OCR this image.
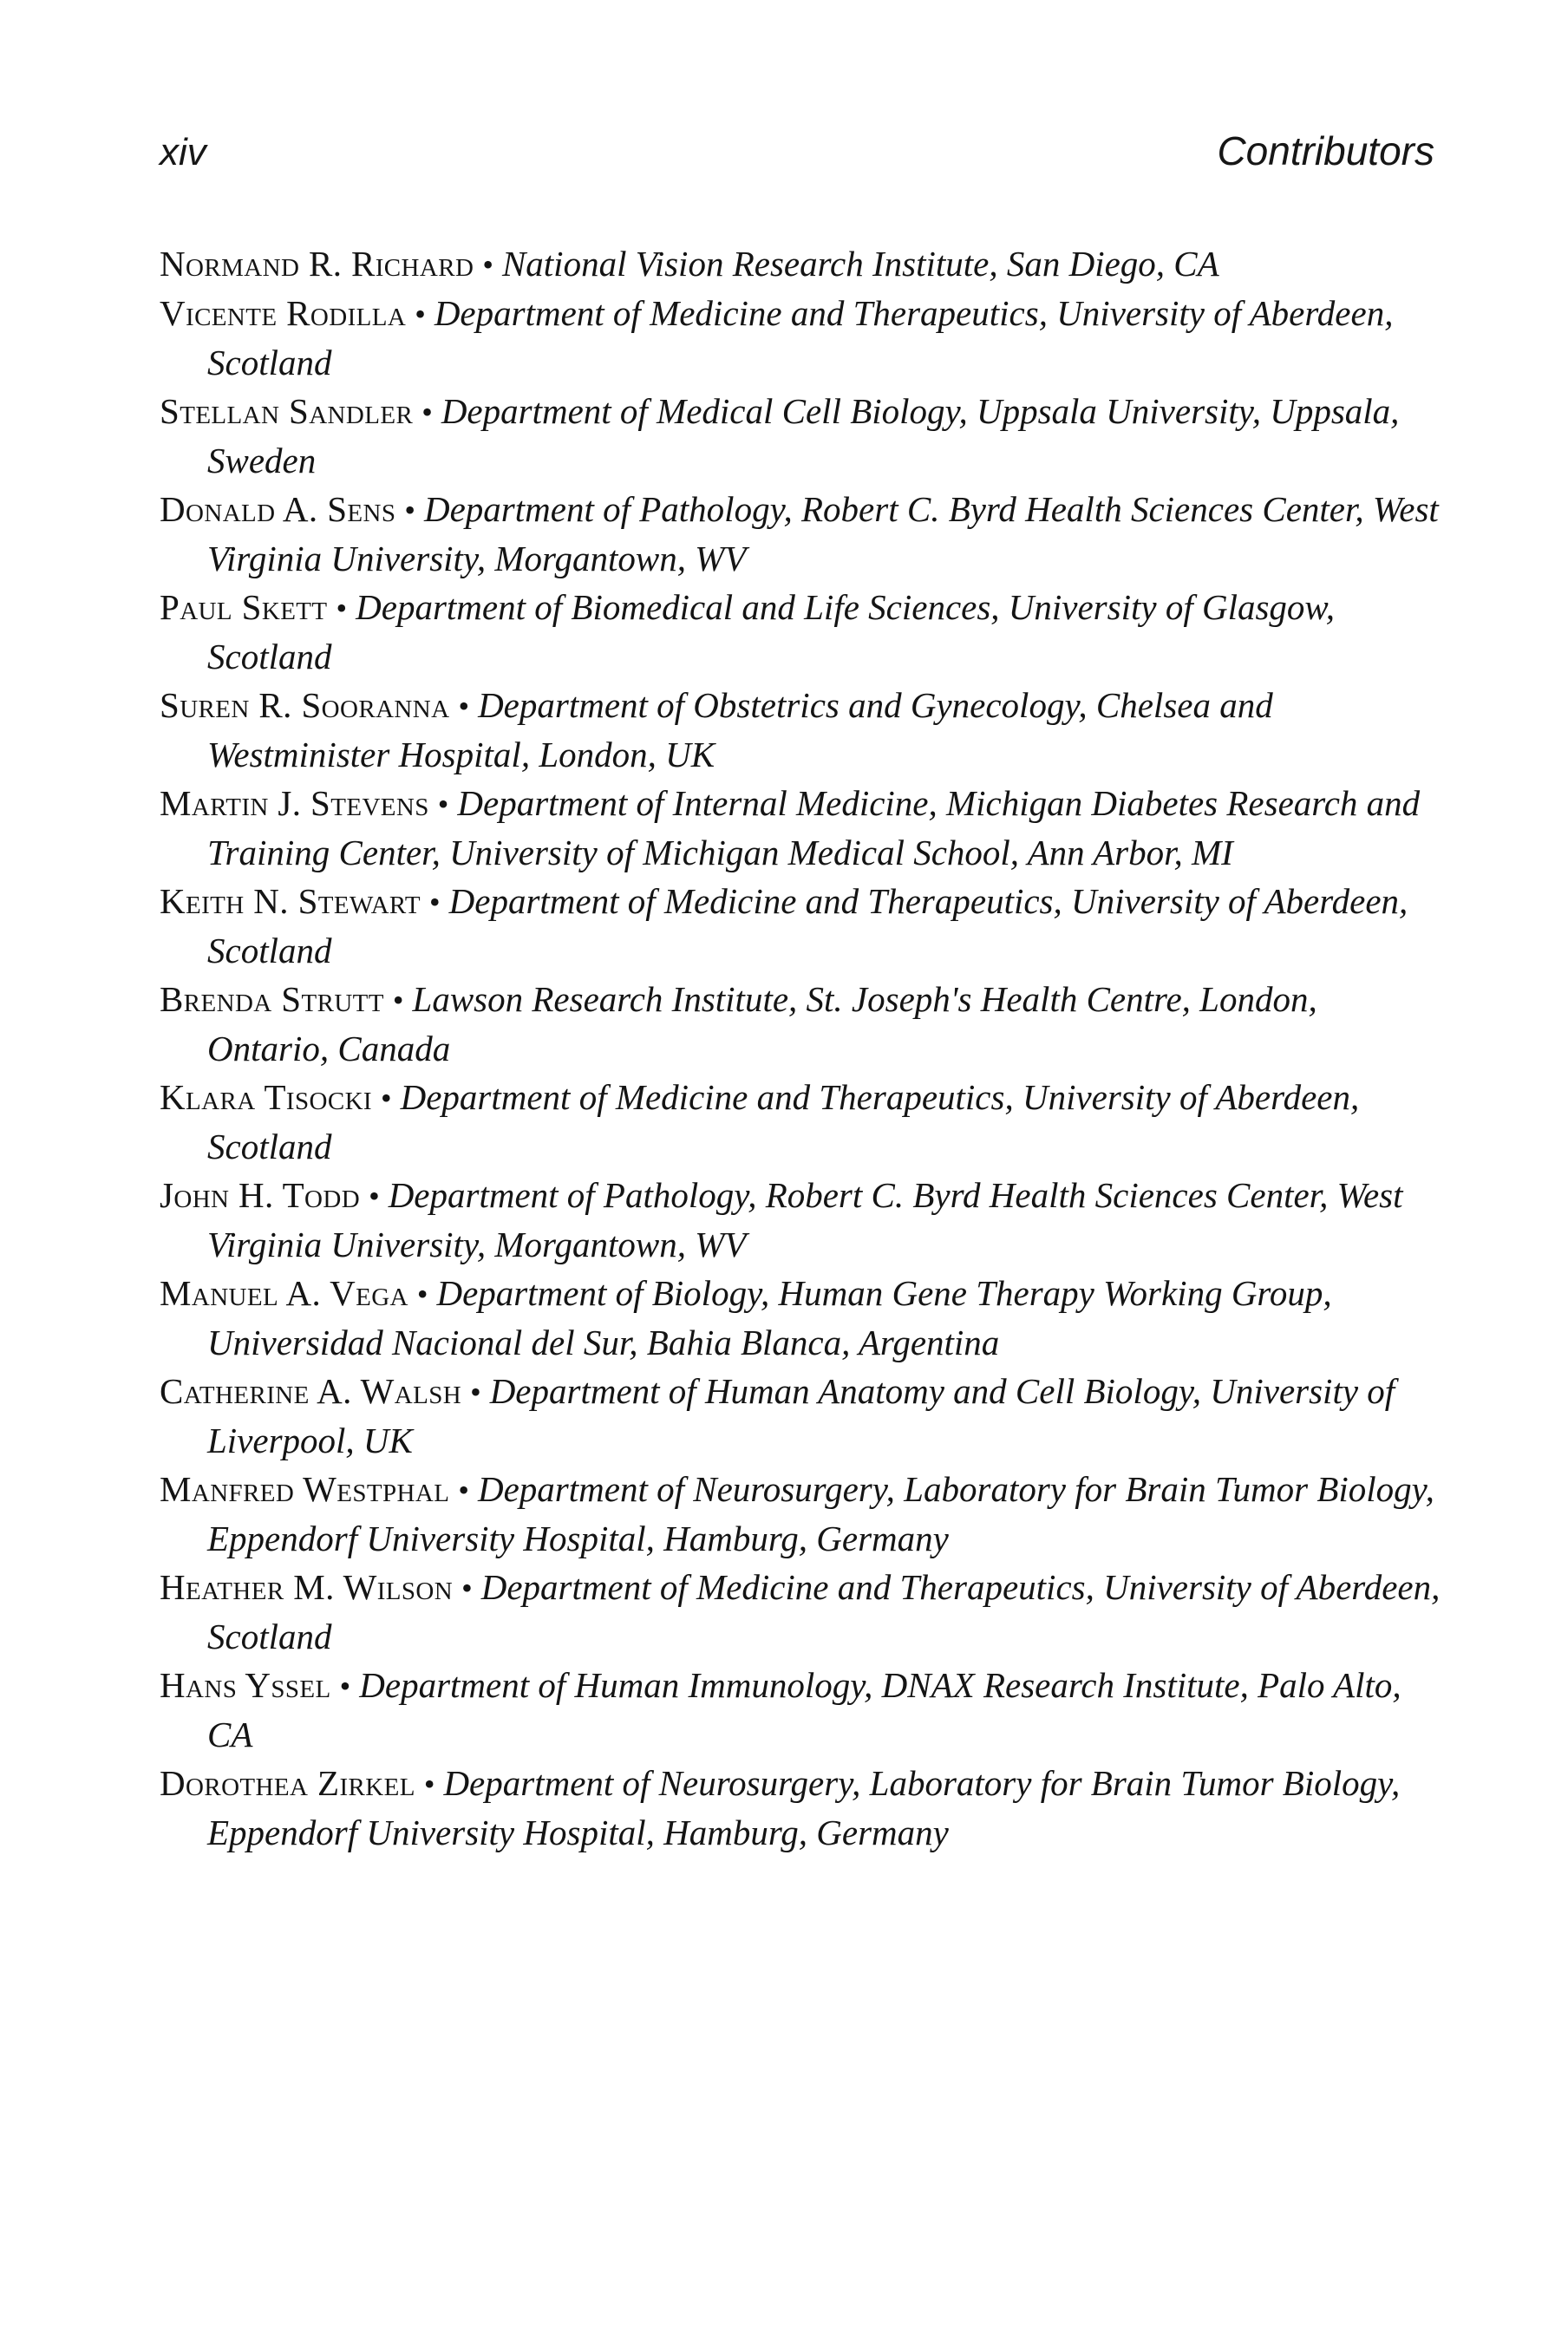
xiv	Contributors
Normand R. Richard • National Vision Research Institute, San Diego, CA
Vicente Rodilla • Department of Medicine and Therapeutics, University of Aberdeen, Scotland
Stellan Sandler • Department of Medical Cell Biology, Uppsala University, Uppsala, Sweden
Donald A. Sens • Department of Pathology, Robert C. Byrd Health Sciences Center, West Virginia University, Morgantown, WV
Paul Skett • Department of Biomedical and Life Sciences, University of Glasgow, Scotland
Suren R. Sooranna • Department of Obstetrics and Gynecology, Chelsea and Westminister Hospital, London, UK
Martin J. Stevens • Department of Internal Medicine, Michigan Diabetes Research and Training Center, University of Michigan Medical School, Ann Arbor, MI
Keith N. Stewart • Department of Medicine and Therapeutics, University of Aberdeen, Scotland
Brenda Strutt • Lawson Research Institute, St. Joseph's Health Centre, London, Ontario, Canada
Klara Tisocki • Department of Medicine and Therapeutics, University of Aberdeen, Scotland
John H. Todd • Department of Pathology, Robert C. Byrd Health Sciences Center, West Virginia University, Morgantown, WV
Manuel A. Vega • Department of Biology, Human Gene Therapy Working Group, Universidad Nacional del Sur, Bahia Blanca, Argentina
Catherine A. Walsh • Department of Human Anatomy and Cell Biology, University of Liverpool, UK
Manfred Westphal • Department of Neurosurgery, Laboratory for Brain Tumor Biology, Eppendorf University Hospital, Hamburg, Germany
Heather M. Wilson • Department of Medicine and Therapeutics, University of Aberdeen, Scotland
Hans Yssel • Department of Human Immunology, DNAX Research Institute, Palo Alto, CA
Dorothea Zirkel • Department of Neurosurgery, Laboratory for Brain Tumor Biology, Eppendorf University Hospital, Hamburg, Germany
